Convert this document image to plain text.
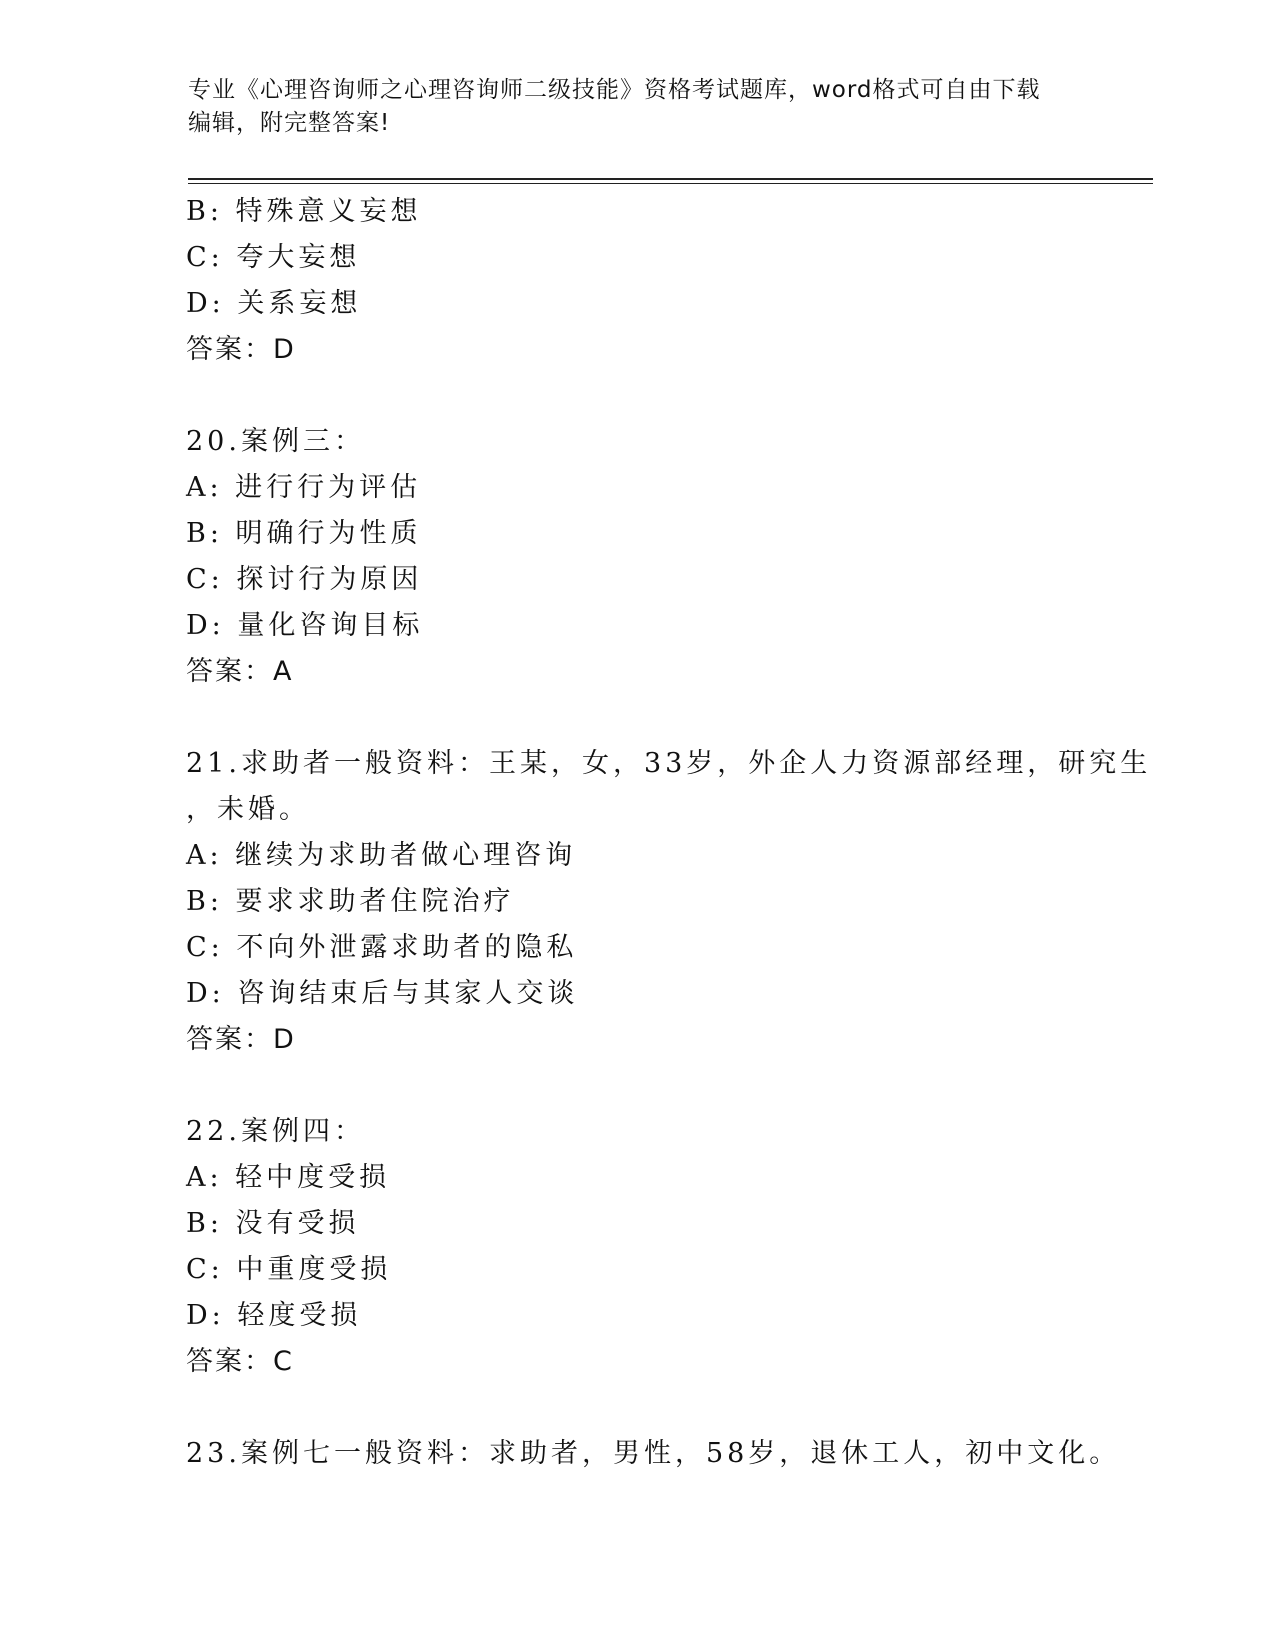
专业《心理咨询师之心理咨询师二级技能》资格考试题库，word格式可自由下载
编辑，附完整答案!
B: 特殊意义妄想
C: 夸大妄想
D: 关系妄想
答案：D
20.案例三：
A: 进行行为评估
B: 明确行为性质
C: 探讨行为原因
D: 量化咨询目标
答案：A
21.求助者一般资料：王某，女，33岁，外企人力资源部经理，研究生
，未婚。
A: 继续为求助者做心理咨询
B: 要求求助者住院治疗
C: 不向外泄露求助者的隐私
D: 咨询结束后与其家人交谈
答案：D
22.案例四：
A: 轻中度受损
B: 没有受损
C: 中重度受损
D: 轻度受损
答案：C
23.案例七一般资料：求助者，男性，58岁，退休工人，初中文化。
